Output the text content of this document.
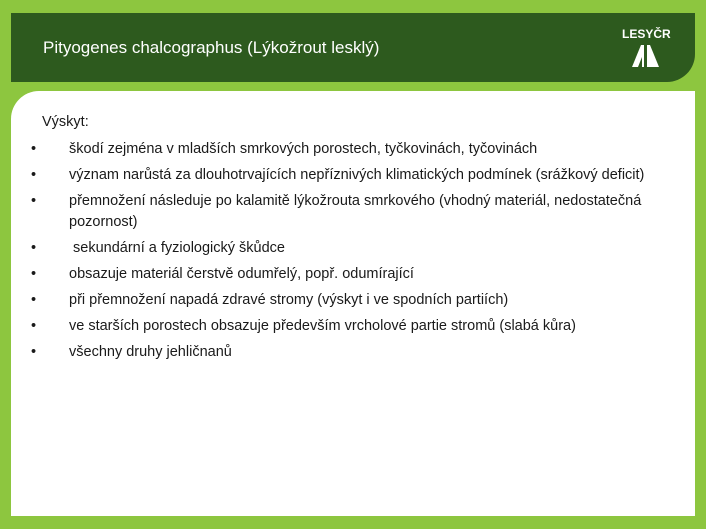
Pityogenes chalcographus (Lýkožrout lesklý)
LESYČR
Výskyt:
• škodí zejména v mladších smrkových porostech, tyčkovinách, tyčovinách
• význam narůstá za dlouhotrvajících nepříznivých klimatických podmínek (srážkový deficit)
• přemnožení následuje po kalamitě lýkožrouta smrkového (vhodný materiál, nedostatečná pozornost)
• sekundární a fyziologický škůdce
• obsazuje materiál čerstvě odumřelý, popř. odumírající
• při přemnožení napadá zdravé stromy (výskyt i ve spodních partiích)
• ve starších porostech obsazuje především vrcholové partie stromů (slabá kůra)
• všechny druhy jehličnanů
